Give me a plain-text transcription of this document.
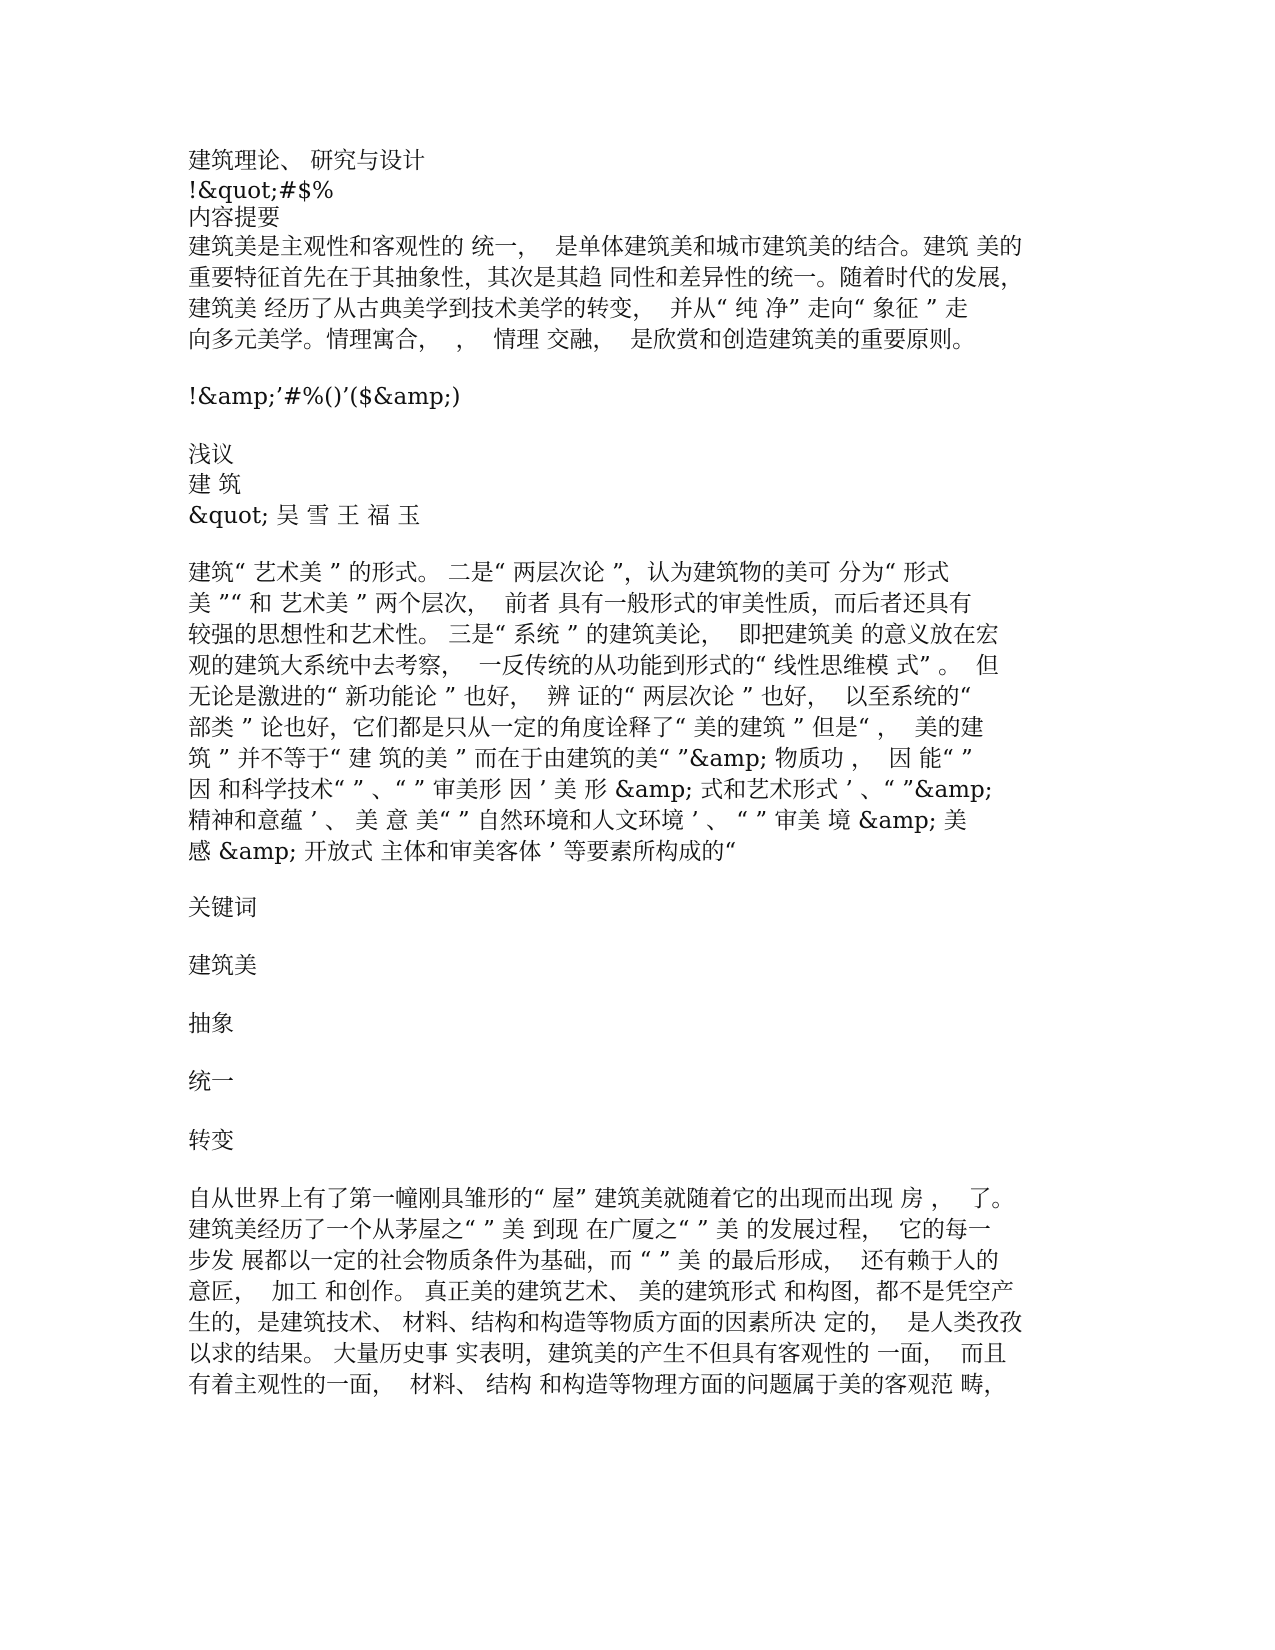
建筑理论、 研究与设计
!&quot;#$%
内容提要
建筑美是主观性和客观性的 统一，  是单体建筑美和城市建筑美的结合。建筑 美的
重要特征首先在于其抽象性，其次是其趋 同性和差异性的统一。随着时代的发展，
建筑美 经历了从古典美学到技术美学的转变，  并从“ 纯 净” 走向“ 象征 ” 走
向多元美学。情理寓合，  ，  情理 交融，  是欣赏和创造建筑美的重要原则。
!&amp;’#%()’($&amp;)
浅议
建 筑
&quot; 吴 雪 王 福 玉
建筑“ 艺术美 ” 的形式。 二是“ 两层次论 ”，认为建筑物的美可 分为“ 形式
美 ”“ 和 艺术美 ” 两个层次，  前者 具有一般形式的审美性质，而后者还具有
较强的思想性和艺术性。 三是“ 系统 ” 的建筑美论，  即把建筑美 的意义放在宏
观的建筑大系统中去考察，  一反传统的从功能到形式的“ 线性思维模 式” 。  但
无论是激进的“ 新功能论 ” 也好，  辨 证的“ 两层次论 ” 也好，  以至系统的“
部类 ” 论也好，它们都是只从一定的角度诠释了“ 美的建筑 ” 但是“ ，  美的建
筑 ” 并不等于“ 建 筑的美 ” 而在于由建筑的美“ ”&amp; 物质功 ，  因 能“ ”
因 和科学技术“ ” 、“ ” 审美形 因 ’ 美 形 &amp; 式和艺术形式 ’ 、“ ”&amp;
精神和意蕴 ’ 、 美 意 美“ ” 自然环境和人文环境 ’ 、 “ ” 审美 境 &amp; 美
感 &amp; 开放式 主体和审美客体 ’ 等要素所构成的“
关键词
建筑美
抽象
统一
转变
自从世界上有了第一幢刚具雏形的“ 屋” 建筑美就随着它的出现而出现 房 ，  了。
建筑美经历了一个从茅屋之“ ” 美 到现 在广厦之“ ” 美 的发展过程，  它的每一
步发 展都以一定的社会物质条件为基础，而 “ ” 美 的最后形成，  还有赖于人的
意匠，  加工 和创作。 真正美的建筑艺术、 美的建筑形式 和构图，都不是凭空产
生的，是建筑技术、 材料、结构和构造等物质方面的因素所决 定的，  是人类孜孜
以求的结果。 大量历史事 实表明，建筑美的产生不但具有客观性的 一面，  而且
有着主观性的一面，  材料、 结构 和构造等物理方面的问题属于美的客观范 畴，
